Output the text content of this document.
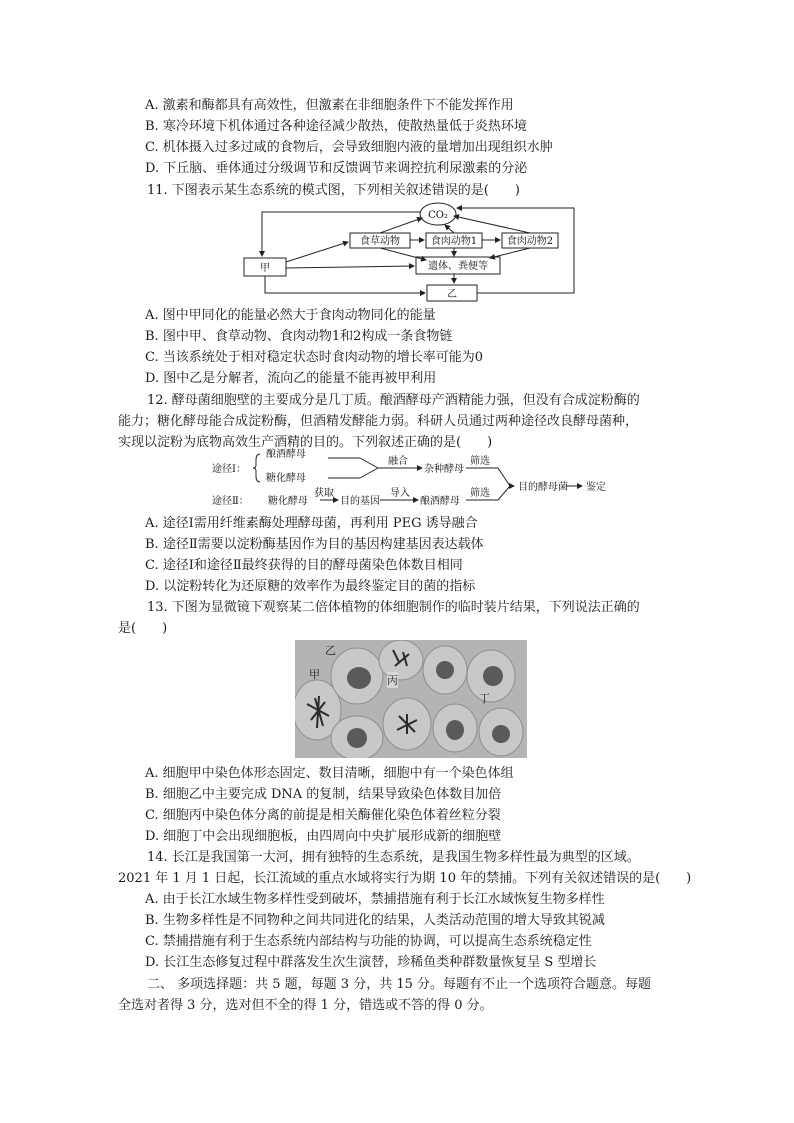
A. 激素和酶都具有高效性，但激素在非细胞条件下不能发挥作用
B. 寒冷环境下机体通过各种途径减少散热，使散热量低于炎热环境
C. 机体摄入过多过咸的食物后，会导致细胞内液的量增加出现组织水肿
D. 下丘脑、垂体通过分级调节和反馈调节来调控抗利尿激素的分泌
11. 下图表示某生态系统的模式图，下列相关叙述错误的是(　　)
CO₂
食草动物	食肉动物1	食肉动物2
甲	遗体、粪便等
乙
A. 图中甲同化的能量必然大于食肉动物同化的能量
B. 图中甲、食草动物、食肉动物1和2构成一条食物链
C. 当该系统处于相对稳定状态时食肉动物的增长率可能为0
D. 图中乙是分解者，流向乙的能量不能再被甲利用
12. 酵母菌细胞壁的主要成分是几丁质。酿酒酵母产酒精能力强，但没有合成淀粉酶的
能力；糖化酵母能合成淀粉酶，但酒精发酵能力弱。科研人员通过两种途径改良酵母菌种，
实现以淀粉为底物高效生产酒精的目的。下列叙述正确的是(　　)
途径Ⅰ：
酿酒酵母
糖化酵母
融合
杂种酵母
筛选
目的酵母菌 鉴定
途径Ⅱ： 糖化酵母
获取
目的基因
导入
酿酒酵母
筛选
A. 途径Ⅰ需用纤维素酶处理酵母菌，再利用 PEG 诱导融合
B. 途径Ⅱ需要以淀粉酶基因作为目的基因构建基因表达载体
C. 途径Ⅰ和途径Ⅱ最终获得的目的酵母菌染色体数目相同
D. 以淀粉转化为还原糖的效率作为最终鉴定目的菌的指标
13. 下图为显微镜下观察某二倍体植物的体细胞制作的临时装片结果，下列说法正确的
是(　　)
乙
甲	丙
丁
A. 细胞甲中染色体形态固定、数目清晰，细胞中有一个染色体组
B. 细胞乙中主要完成 DNA 的复制，结果导致染色体数目加倍
C. 细胞丙中染色体分离的前提是相关酶催化染色体着丝粒分裂
D. 细胞丁中会出现细胞板，由四周向中央扩展形成新的细胞壁
14. 长江是我国第一大河，拥有独特的生态系统，是我国生物多样性最为典型的区域。
2021 年 1 月 1 日起，长江流域的重点水域将实行为期 10 年的禁捕。下列有关叙述错误的是(　　)
A. 由于长江水域生物多样性受到破坏，禁捕措施有利于长江水域恢复生物多样性
B. 生物多样性是不同物种之间共同进化的结果，人类活动范围的增大导致其锐减
C. 禁捕措施有利于生态系统内部结构与功能的协调，可以提高生态系统稳定性
D. 长江生态修复过程中群落发生次生演替，珍稀鱼类种群数量恢复呈 S 型增长
二、 多项选择题：共 5 题，每题 3 分，共 15 分。每题有不止一个选项符合题意。每题
全选对者得 3 分，选对但不全的得 1 分，错选或不答的得 0 分。
